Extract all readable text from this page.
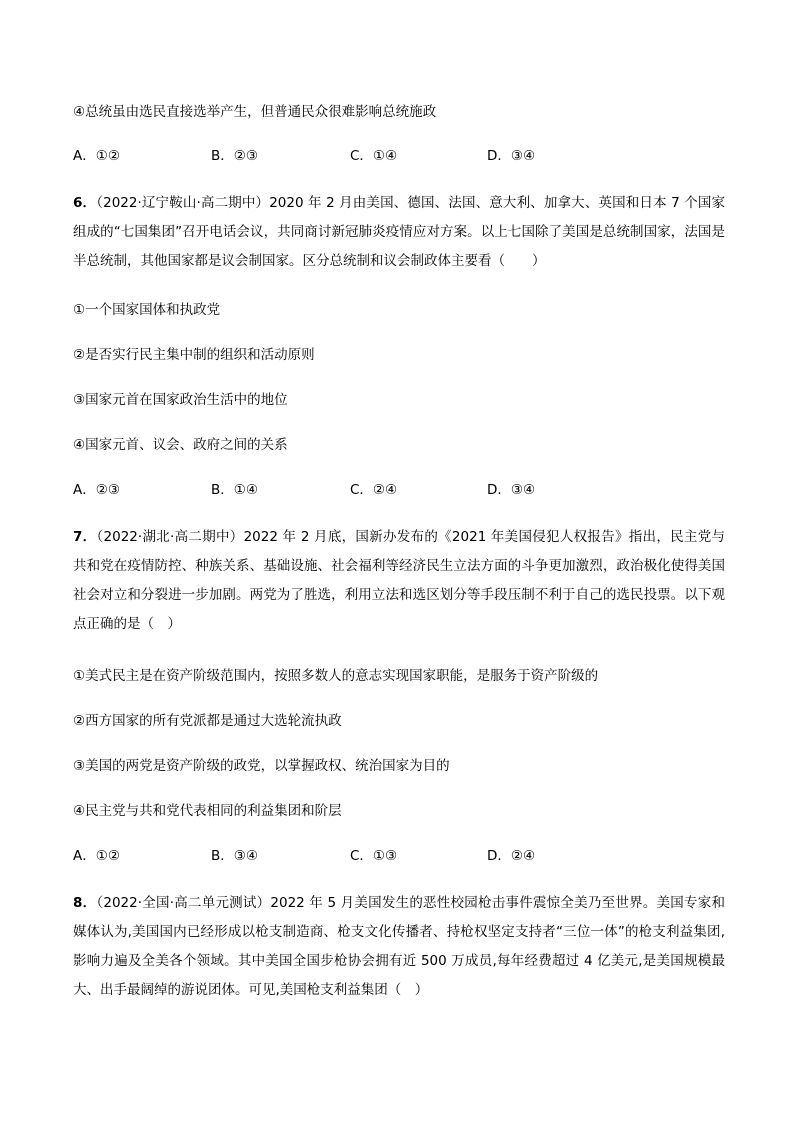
④总统虽由选民直接选举产生，但普通民众很难影响总统施政
A．①②	B．②③	C．①④	D．③④
6．（2022·辽宁鞍山·高二期中）2020 年 2 月由美国、德国、法国、意大利、加拿大、英国和日本 7 个国家组成的“七国集团”召开电话会议，共同商讨新冠肺炎疫情应对方案。以上七国除了美国是总统制国家，法国是半总统制，其他国家都是议会制国家。区分总统制和议会制政体主要看（　　）
①一个国家国体和执政党
②是否实行民主集中制的组织和活动原则
③国家元首在国家政治生活中的地位
④国家元首、议会、政府之间的关系
A．②③	B．①④	C．②④	D．③④
7．（2022·湖北·高二期中）2022 年 2 月底，国新办发布的《2021 年美国侵犯人权报告》指出，民主党与共和党在疫情防控、种族关系、基础设施、社会福利等经济民生立法方面的斗争更加激烈，政治极化使得美国社会对立和分裂进一步加剧。两党为了胜选，利用立法和选区划分等手段压制不利于自己的选民投票。以下观点正确的是（　）
①美式民主是在资产阶级范围内，按照多数人的意志实现国家职能，是服务于资产阶级的
②西方国家的所有党派都是通过大选轮流执政
③美国的两党是资产阶级的政党，以掌握政权、统治国家为目的
④民主党与共和党代表相同的利益集团和阶层
A．①②	B．③④	C．①③	D．②④
8．（2022·全国·高二单元测试）2022 年 5 月美国发生的恶性校园枪击事件震惊全美乃至世界。美国专家和媒体认为,美国国内已经形成以枪支制造商、枪支文化传播者、持枪权坚定支持者“三位一体”的枪支利益集团,影响力遍及全美各个领域。其中美国全国步枪协会拥有近 500 万成员,每年经费超过 4 亿美元,是美国规模最大、出手最阔绰的游说团体。可见,美国枪支利益集团（　）
